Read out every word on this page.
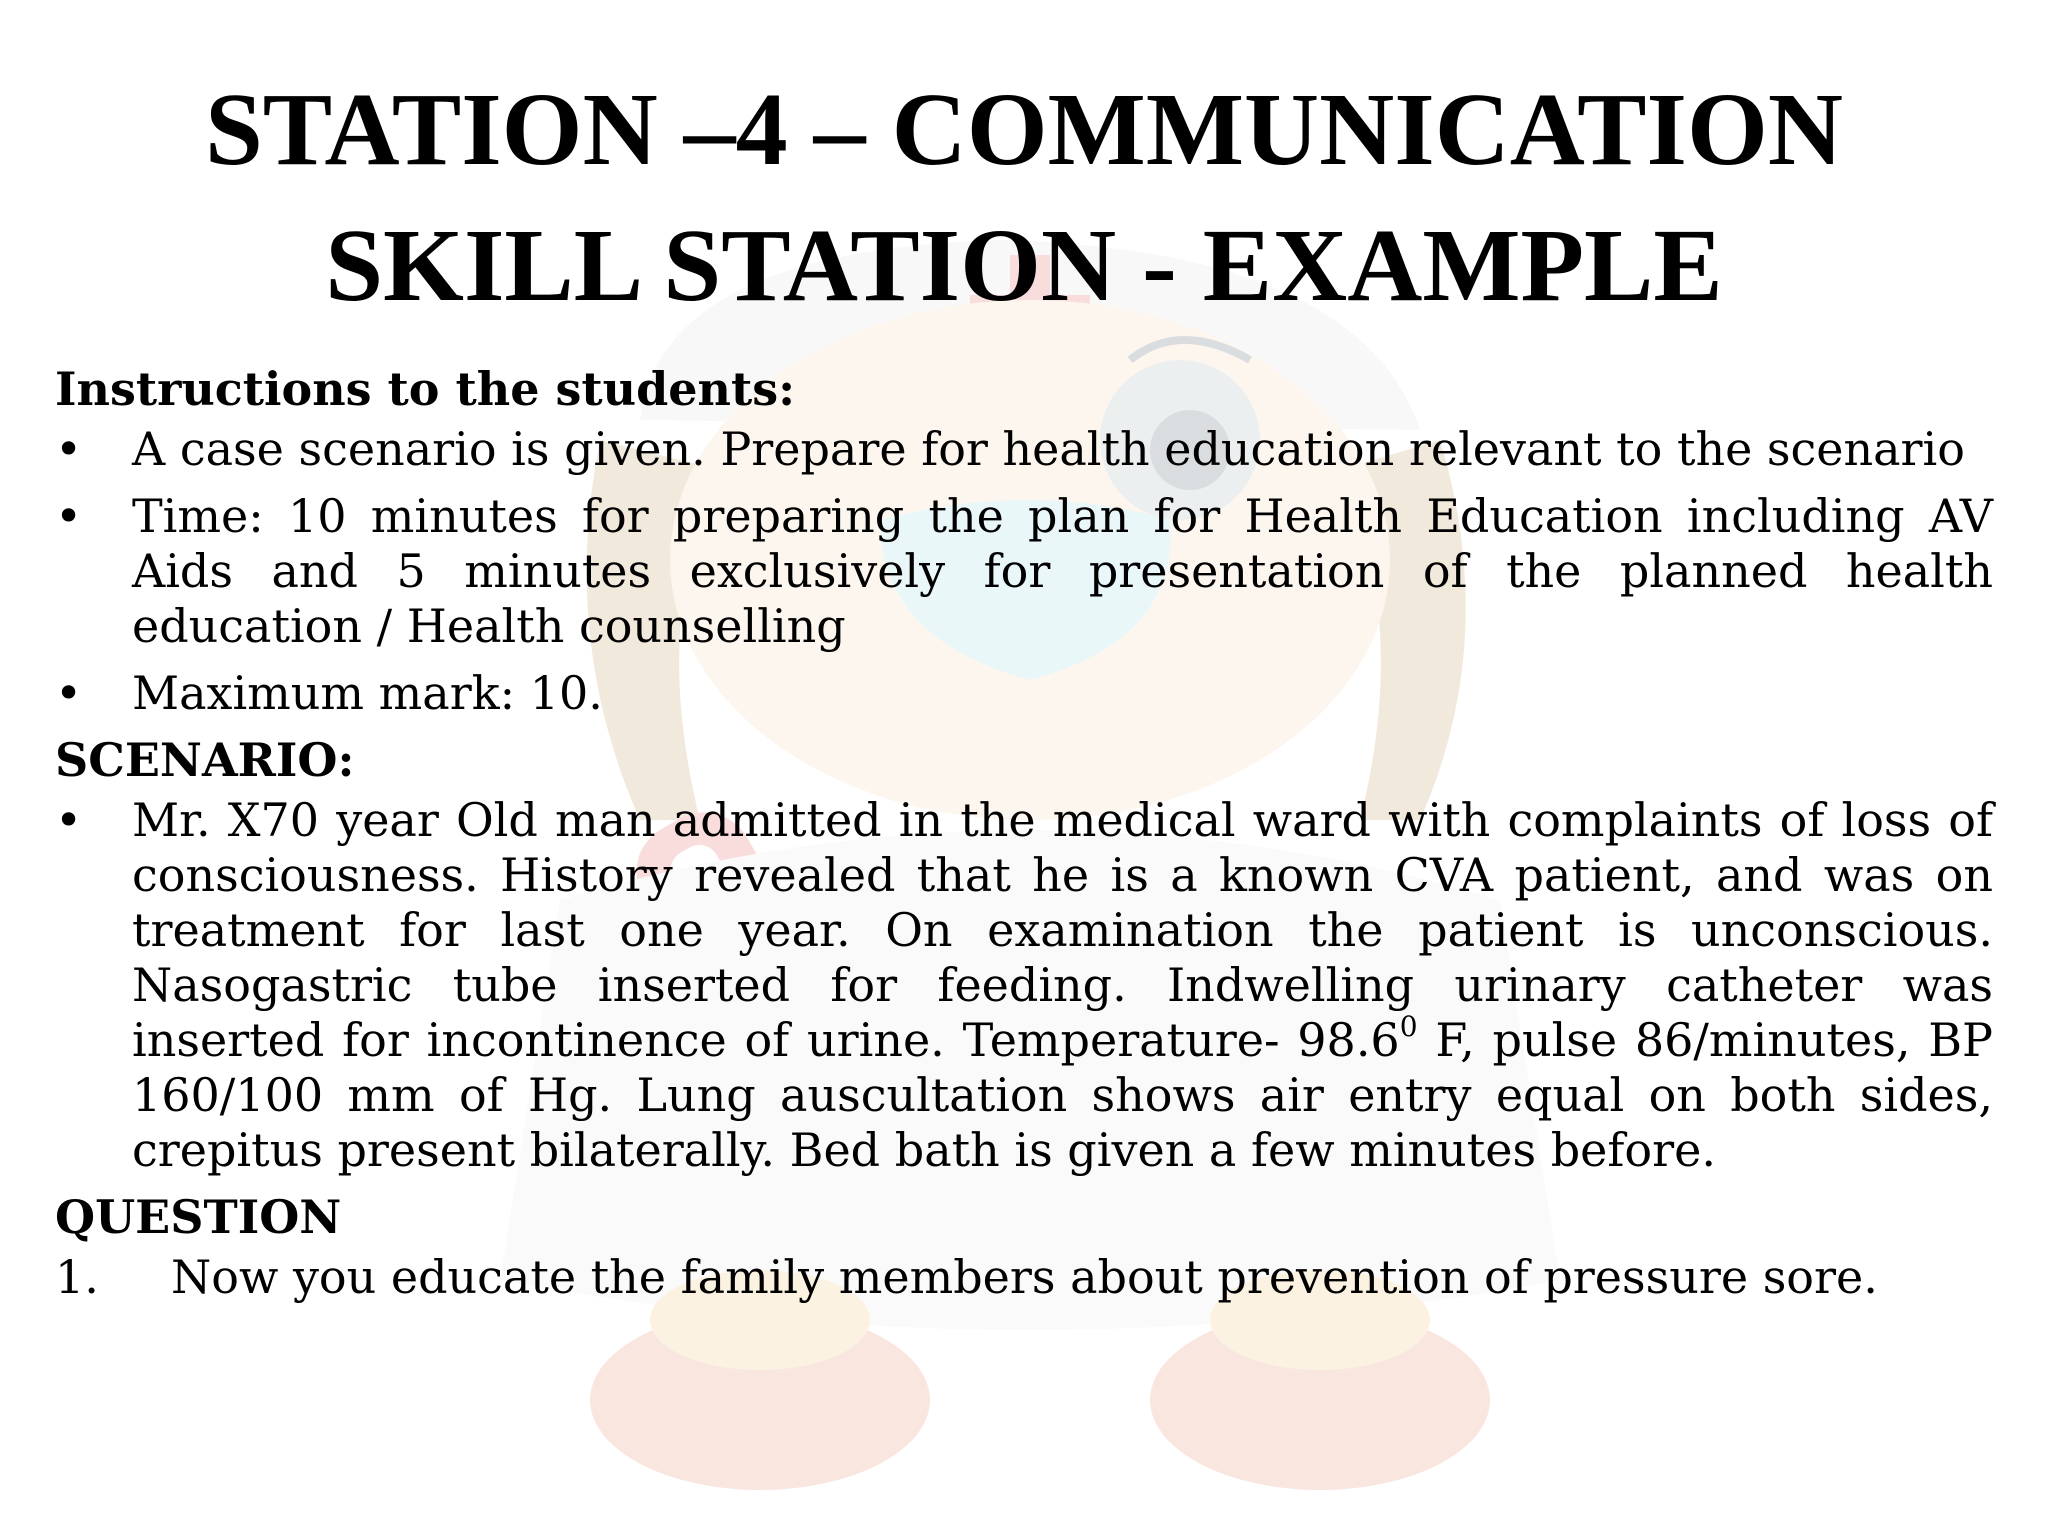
STATION –4 – COMMUNICATION
SKILL STATION - EXAMPLE

Instructions to the students:

• A case scenario is given. Prepare for health education relevant to the scenario
• Time: 10 minutes for preparing the plan for Health Education including AV Aids and 5 minutes exclusively for presentation of the planned health education / Health counselling
• Maximum mark: 10.

SCENARIO:

• Mr. X70 year Old man admitted in the medical ward with complaints of loss of consciousness. History revealed that he is a known CVA patient, and was on treatment for last one year. On examination the patient is unconscious. Nasogastric tube inserted for feeding. Indwelling urinary catheter was inserted for incontinence of urine. Temperature- 98.6$^0$ F, pulse 86/minutes, BP 160/100 mm of Hg. Lung auscultation shows air entry equal on both sides, crepitus present bilaterally. Bed bath is given a few minutes before.

QUESTION

1.	Now you educate the family members about prevention of pressure sore.
